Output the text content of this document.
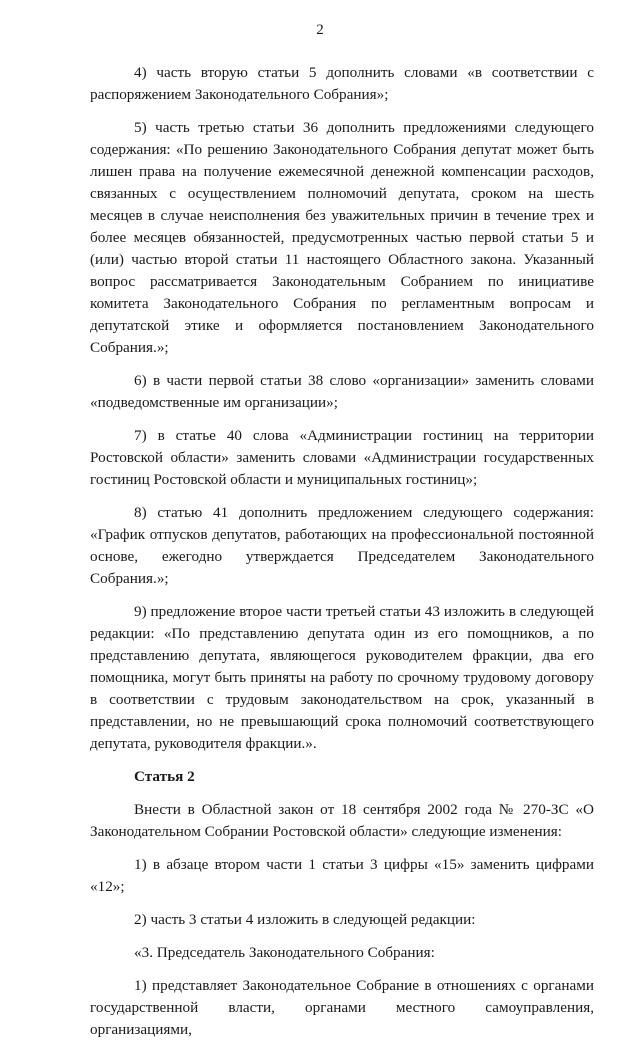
2

4) часть вторую статьи 5 дополнить словами «в соответствии с распоряжением Законодательного Собрания»;

5) часть третью статьи 36 дополнить предложениями следующего содержания: «По решению Законодательного Собрания депутат может быть лишен права на получение ежемесячной денежной компенсации расходов, связанных с осуществлением полномочий депутата, сроком на шесть месяцев в случае неисполнения без уважительных причин в течение трех и более месяцев обязанностей, предусмотренных частью первой статьи 5 и (или) частью второй статьи 11 настоящего Областного закона. Указанный вопрос рассматривается Законодательным Собранием по инициативе комитета Законодательного Собрания по регламентным вопросам и депутатской этике и оформляется постановлением Законодательного Собрания.»;

6) в части первой статьи 38 слово «организации» заменить словами «подведомственные им организации»;

7) в статье 40 слова «Администрации гостиниц на территории Ростовской области» заменить словами «Администрации государственных гостиниц Ростовской области и муниципальных гостиниц»;

8) статью 41 дополнить предложением следующего содержания: «График отпусков депутатов, работающих на профессиональной постоянной основе, ежегодно утверждается Председателем Законодательного Собрания.»;

9) предложение второе части третьей статьи 43 изложить в следующей редакции: «По представлению депутата один из его помощников, а по представлению депутата, являющегося руководителем фракции, два его помощника, могут быть приняты на работу по срочному трудовому договору в соответствии с трудовым законодательством на срок, указанный в представлении, но не превышающий срока полномочий соответствующего депутата, руководителя фракции.».

Статья 2

Внести в Областной закон от 18 сентября 2002 года № 270-ЗС «О Законодательном Собрании Ростовской области» следующие изменения:

1) в абзаце втором части 1 статьи 3 цифры «15» заменить цифрами «12»;

2) часть 3 статьи 4 изложить в следующей редакции:

«3. Председатель Законодательного Собрания:

1) представляет Законодательное Собрание в отношениях с органами государственной власти, органами местного самоуправления, организациями,
